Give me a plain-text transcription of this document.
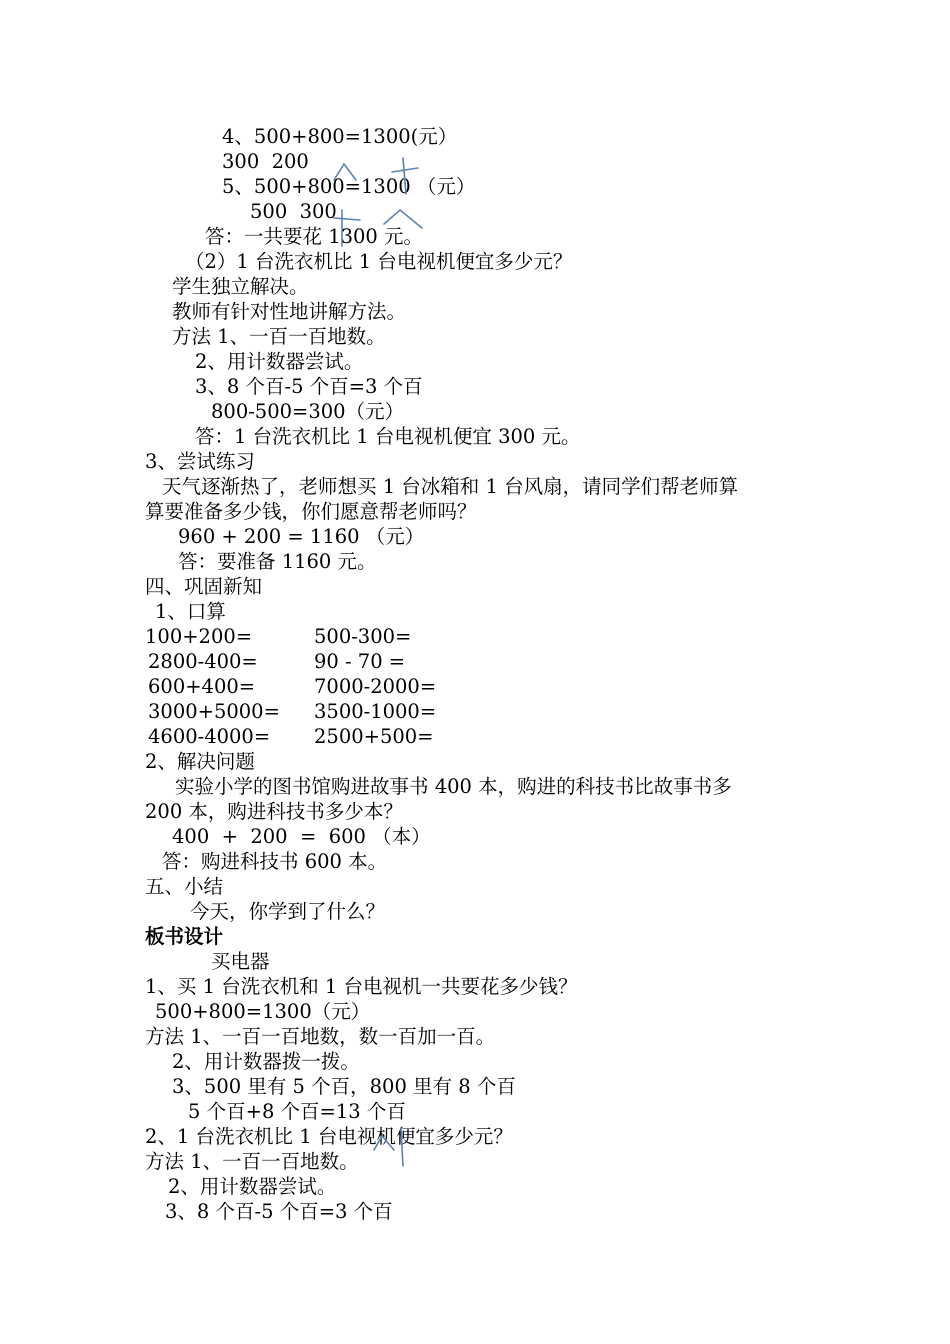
4、500+800=1300(元）
300  200
5、500+800=1300 （元）
500  300
答：一共要花 1300 元。
（2）1 台洗衣机比 1 台电视机便宜多少元？
学生独立解决。
教师有针对性地讲解方法。
方法 1、一百一百地数。
2、用计数器尝试。
3、8 个百-5 个百=3 个百
800-500=300（元）
答：1 台洗衣机比 1 台电视机便宜 300 元。
3、尝试练习
天气逐渐热了，老师想买 1 台冰箱和 1 台风扇，请同学们帮老师算
算要准备多少钱，你们愿意帮老师吗？
960 + 200 = 1160 （元）
答：要准备 1160 元。
四、巩固新知
1、口算
100+200=
2800-400=
600+400=
3000+5000=
4600-4000=
500-300=
90 - 70 =
7000-2000=
3500-1000=
2500+500=
2、解决问题
实验小学的图书馆购进故事书 400 本，购进的科技书比故事书多
200 本，购进科技书多少本？
400  +  200  =  600 （本）
答：购进科技书 600 本。
五、小结
今天，你学到了什么？
板书设计
买电器
1、买 1 台洗衣机和 1 台电视机一共要花多少钱？
500+800=1300（元）
方法 1、一百一百地数，数一百加一百。
2、用计数器拨一拨。
3、500 里有 5 个百，800 里有 8 个百
5 个百+8 个百=13 个百
2、1 台洗衣机比 1 台电视机便宜多少元？
方法 1、一百一百地数。
2、用计数器尝试。
3、8 个百-5 个百=3 个百
